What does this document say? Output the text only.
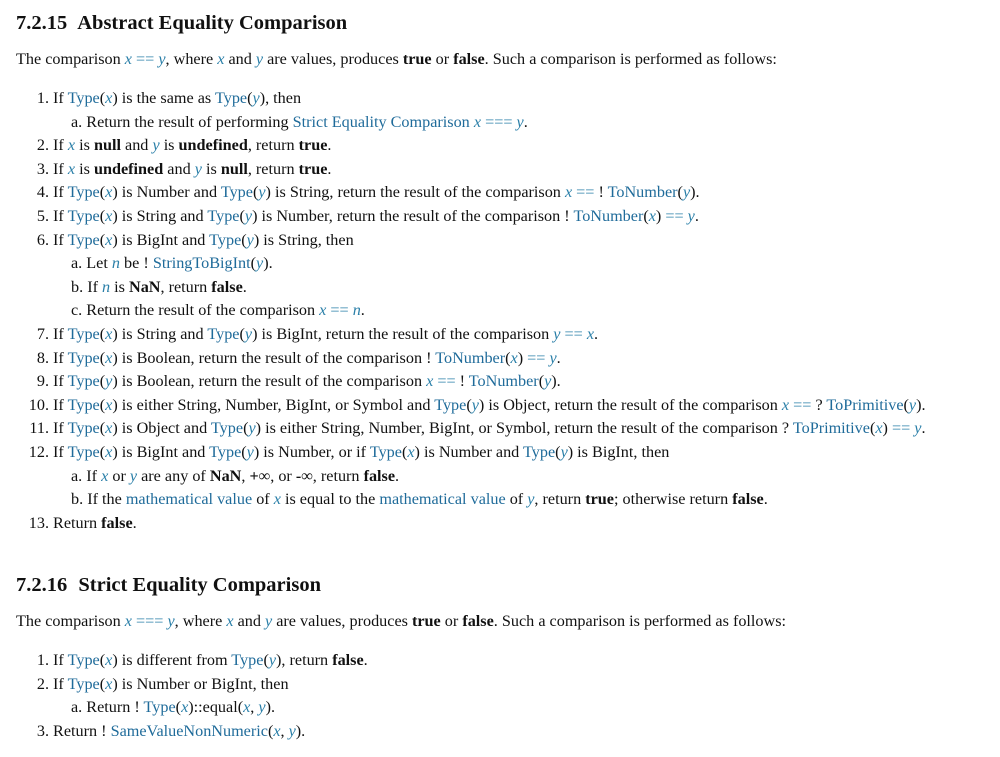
7.2.15 Abstract Equality Comparison
The comparison x == y, where x and y are values, produces true or false. Such a comparison is performed as follows:
1. If Type(x) is the same as Type(y), then
a. Return the result of performing Strict Equality Comparison x === y.
2. If x is null and y is undefined, return true.
3. If x is undefined and y is null, return true.
4. If Type(x) is Number and Type(y) is String, return the result of the comparison x == ! ToNumber(y).
5. If Type(x) is String and Type(y) is Number, return the result of the comparison ! ToNumber(x) == y.
6. If Type(x) is BigInt and Type(y) is String, then
a. Let n be ! StringToBigInt(y).
b. If n is NaN, return false.
c. Return the result of the comparison x == n.
7. If Type(x) is String and Type(y) is BigInt, return the result of the comparison y == x.
8. If Type(x) is Boolean, return the result of the comparison ! ToNumber(x) == y.
9. If Type(y) is Boolean, return the result of the comparison x == ! ToNumber(y).
10. If Type(x) is either String, Number, BigInt, or Symbol and Type(y) is Object, return the result of the comparison x == ? ToPrimitive(y).
11. If Type(x) is Object and Type(y) is either String, Number, BigInt, or Symbol, return the result of the comparison ? ToPrimitive(x) == y.
12. If Type(x) is BigInt and Type(y) is Number, or if Type(x) is Number and Type(y) is BigInt, then
a. If x or y are any of NaN, +∞, or -∞, return false.
b. If the mathematical value of x is equal to the mathematical value of y, return true; otherwise return false.
13. Return false.
7.2.16 Strict Equality Comparison
The comparison x === y, where x and y are values, produces true or false. Such a comparison is performed as follows:
1. If Type(x) is different from Type(y), return false.
2. If Type(x) is Number or BigInt, then
a. Return ! Type(x)::equal(x, y).
3. Return ! SameValueNonNumeric(x, y).
